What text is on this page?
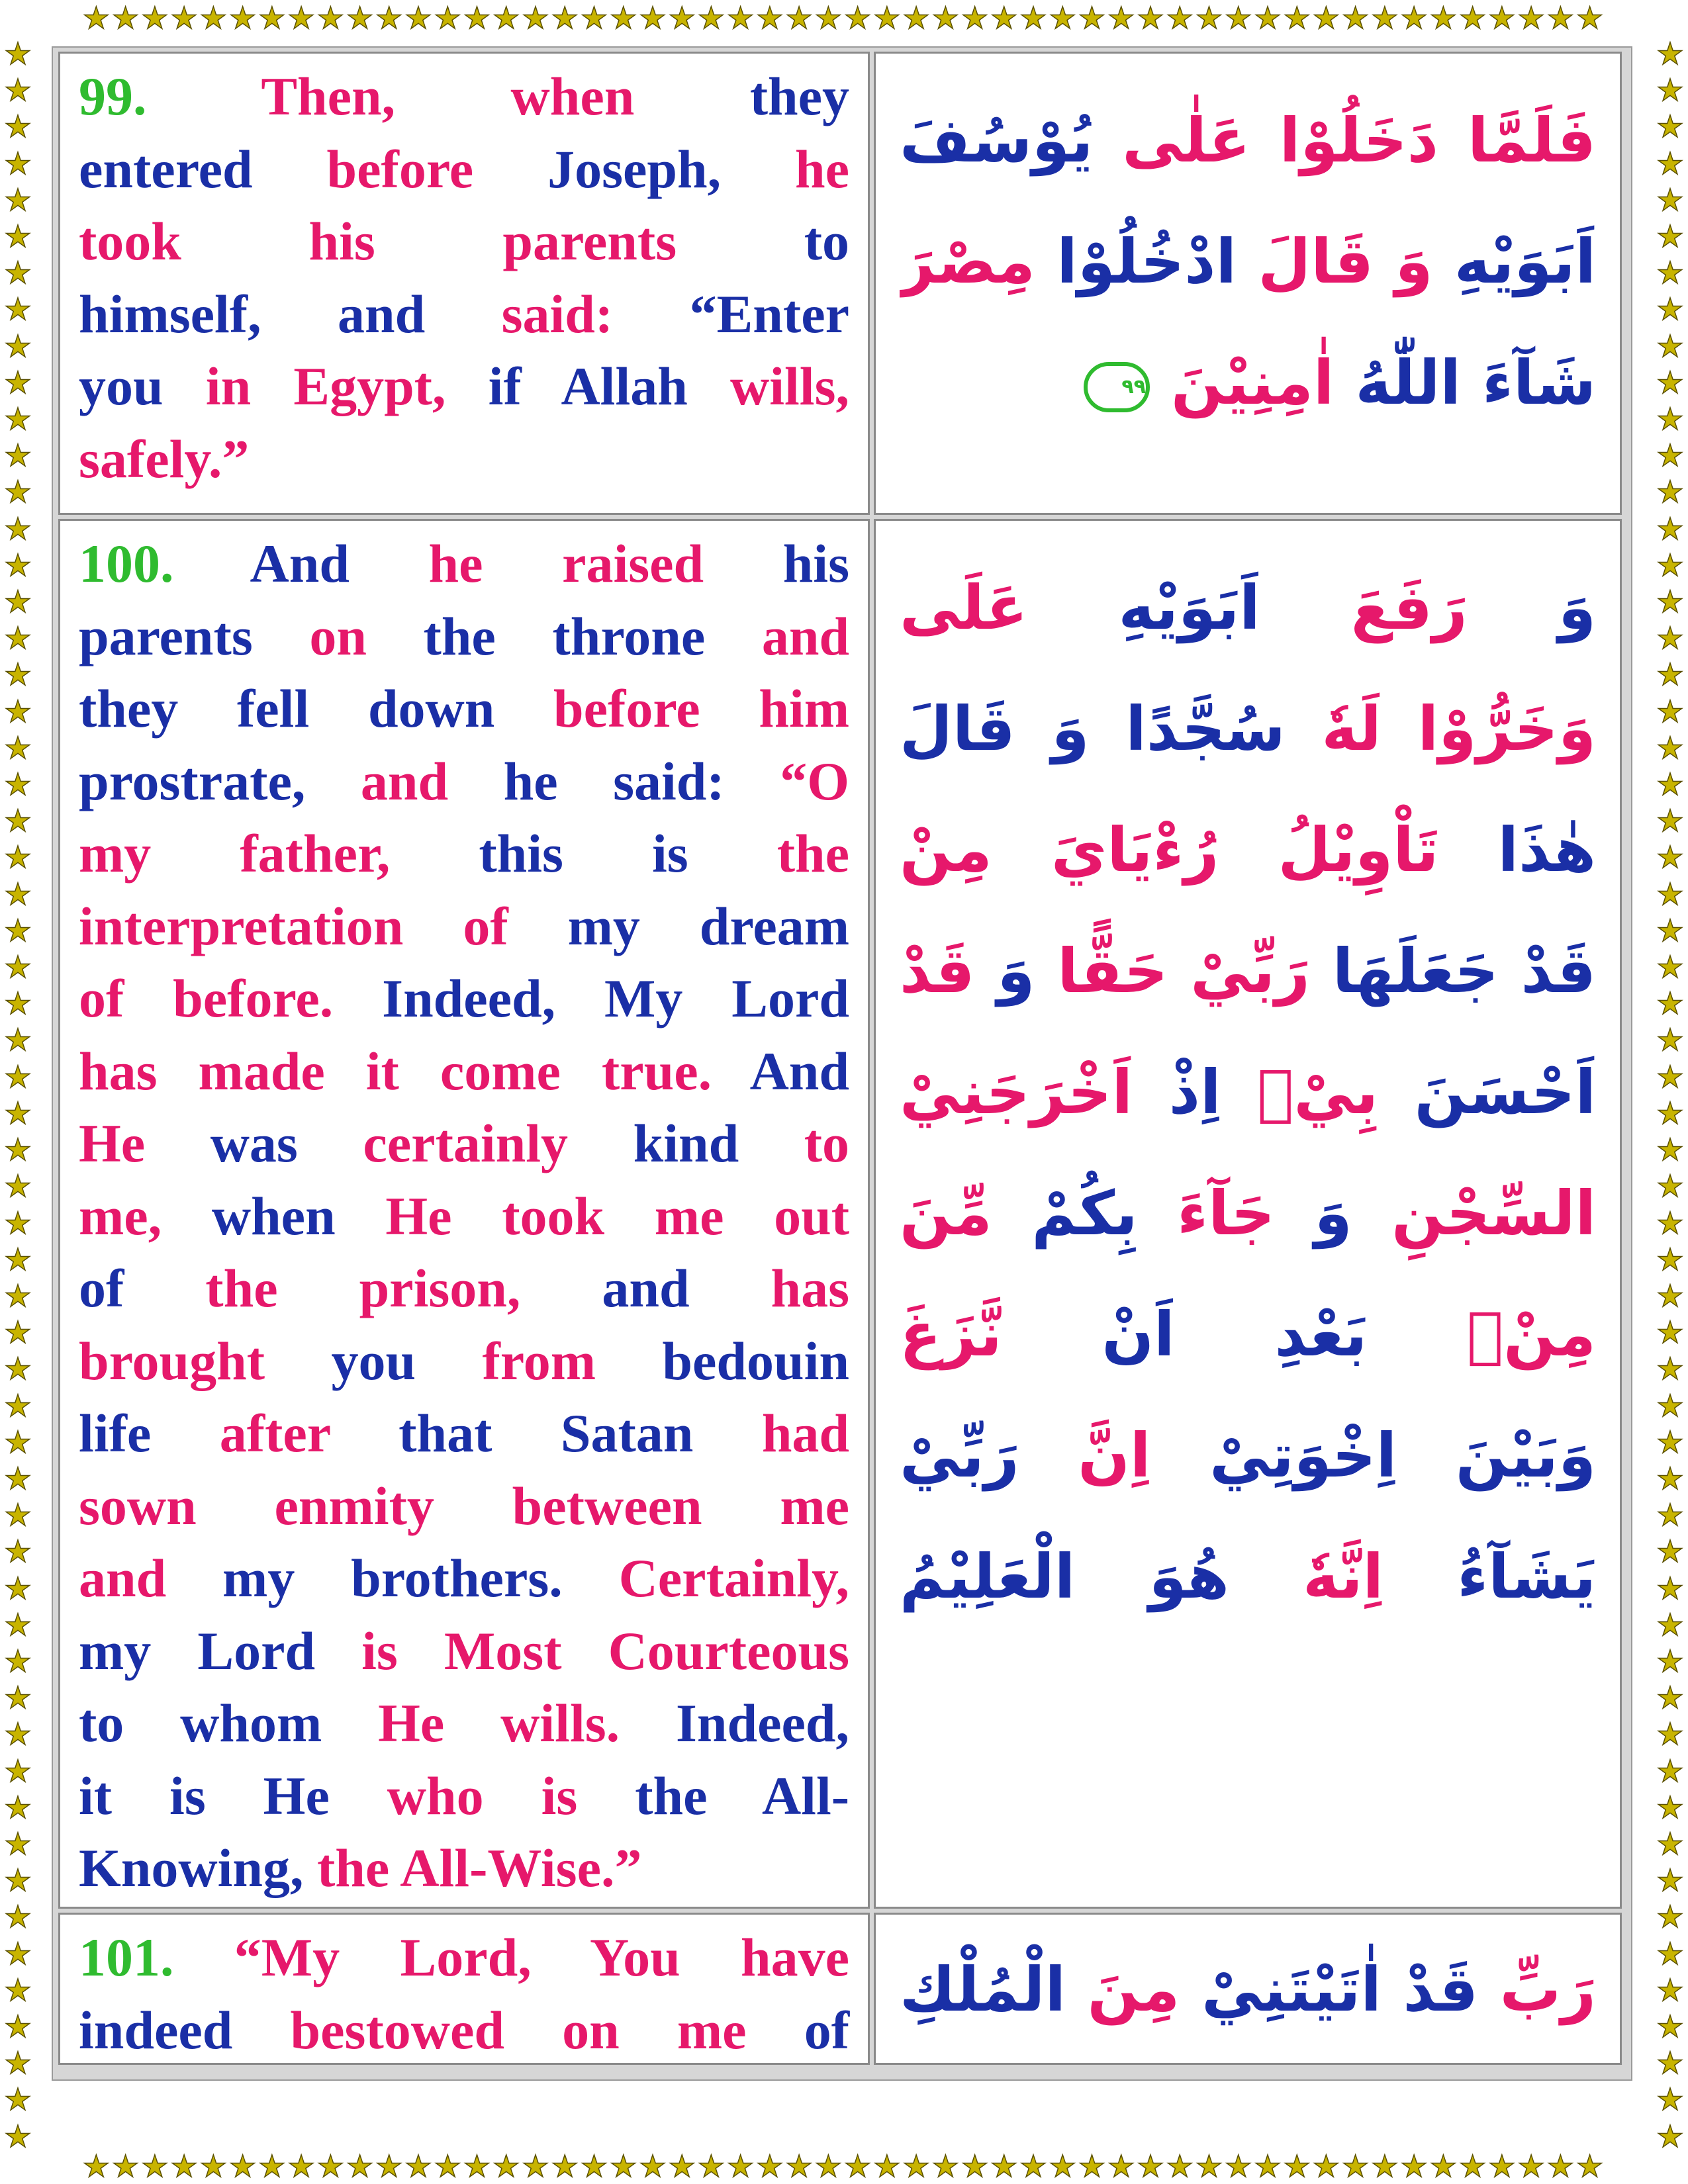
★★★★★★★★★★★★★★★★★★★★★★★★★★★★★★★★★★★★★★★★★★★★★★★★★★★★
★★★★★★★★★★★★★★★★★★★★★★★★★★★★★★★★★★★★★★★★★★★★★★★★★★★★
★★★★★★★★★★★★★★★★★★★★★★★★★★★★★★★★★★★★★★★★★★★★★★★★★★★★★★★★★★
★★★★★★★★★★★★★★★★★★★★★★★★★★★★★★★★★★★★★★★★★★★★★★★★★★★★★★★★★★
99. Then, when they
entered before Joseph, he
took his parents to
himself, and said: “Enter
you in Egypt, if Allah wills,
safely.”
فَلَمَّا دَخَلُوْا عَلٰى يُوْسُفَ
اَبَوَيْهِ وَ قَالَ ادْخُلُوْا مِصْرَ
شَآءَ اللّٰهُ اٰمِنِيْنَ ٩٩
100. And he raised his
parents on the throne and
they fell down before him
prostrate, and he said: “O
my father, this is the
interpretation of my dream
of before. Indeed, My Lord
has made it come true. And
He was certainly kind to
me, when He took me out
of the prison, and has
brought you from bedouin
life after that Satan had
sown enmity between me
and my brothers. Certainly,
my Lord is Most Courteous
to whom He wills. Indeed,
it is He who is the All-
Knowing, the All-Wise.”
وَ رَفَعَ اَبَوَيْهِ عَلَى
وَخَرُّوْا لَهٗ سُجَّدًا وَ قَالَ
هٰذَا تَاْوِيْلُ رُءْيَايَ مِنْ
قَدْ جَعَلَهَا رَبِّيْ حَقًّا وَ قَدْ
اَحْسَنَ بِيْۤ اِذْ اَخْرَجَنِيْ
السِّجْنِ وَ جَآءَ بِكُمْ مِّنَ
مِنْۢ بَعْدِ اَنْ نَّزَغَ
وَبَيْنَ اِخْوَتِيْ اِنَّ رَبِّيْ
يَشَآءُ اِنَّهٗ هُوَ الْعَلِيْمُ
101. “My Lord, You have
indeed bestowed on me of
رَبِّ قَدْ اٰتَيْتَنِيْ مِنَ الْمُلْكِ
